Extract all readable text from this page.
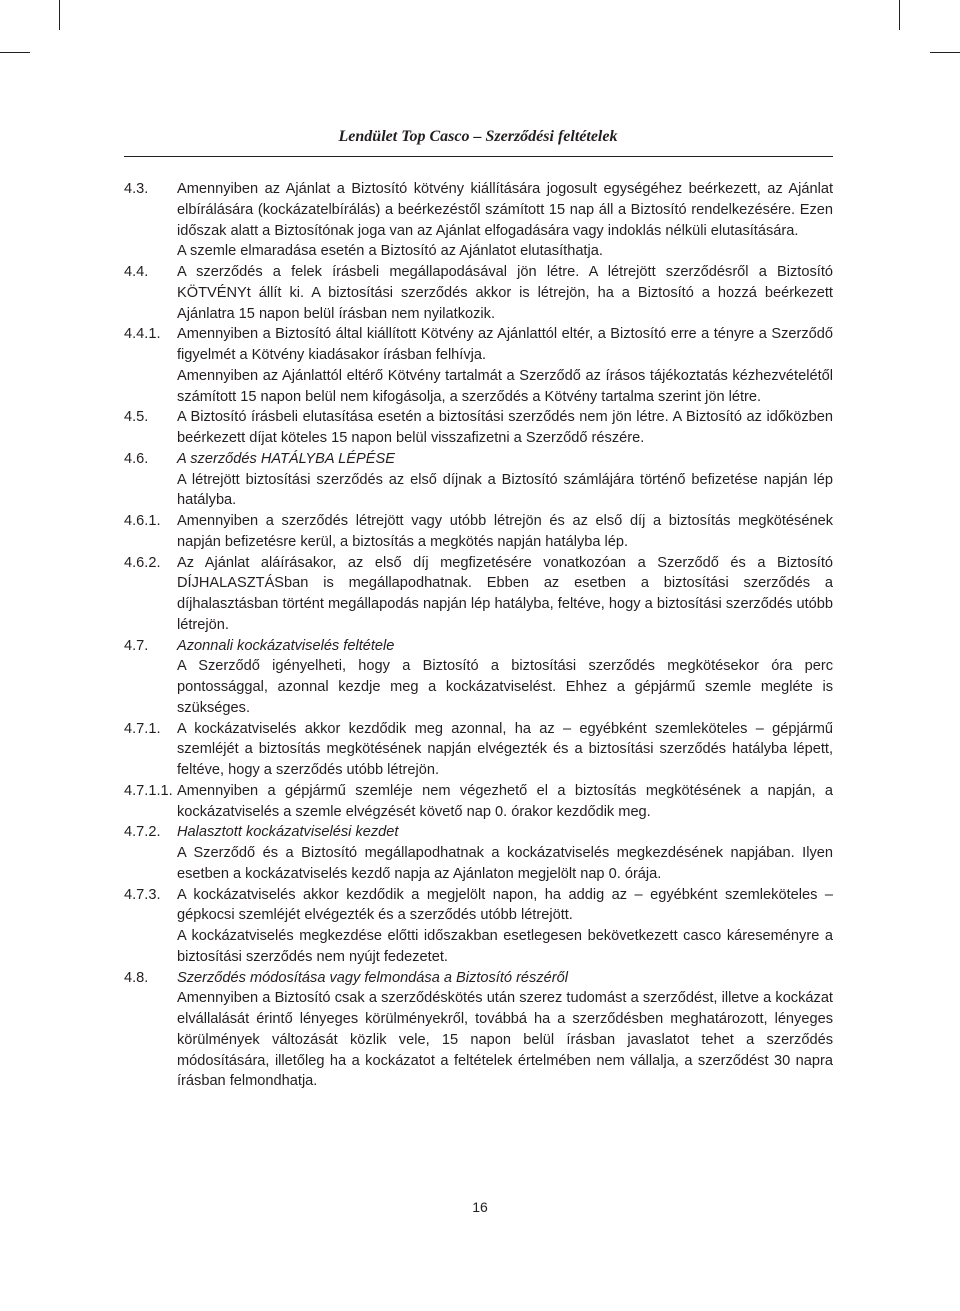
Lendület Top Casco – Szerződési feltételek
4.3. Amennyiben az Ajánlat a Biztosító kötvény kiállítására jogosult egységéhez beérkezett, az Ajánlat elbírálására (kockázatelbírálás) a beérkezéstől számított 15 nap áll a Biztosító rendelkezésére. Ezen időszak alatt a Biztosítónak joga van az Ajánlat elfogadására vagy indoklás nélküli elutasítására.
A szemle elmaradása esetén a Biztosító az Ajánlatot elutasíthatja.
4.4. A szerződés a felek írásbeli megállapodásával jön létre. A létrejött szerződésről a Biztosító KÖTVÉNYt állít ki. A biztosítási szerződés akkor is létrejön, ha a Biztosító a hozzá beérkezett Ajánlatra 15 napon belül írásban nem nyilatkozik.
4.4.1. Amennyiben a Biztosító által kiállított Kötvény az Ajánlattól eltér, a Biztosító erre a tényre a Szerződő figyelmét a Kötvény kiadásakor írásban felhívja.
Amennyiben az Ajánlattól eltérő Kötvény tartalmát a Szerződő az írásos tájékoztatás kézhezvételétől számított 15 napon belül nem kifogásolja, a szerződés a Kötvény tartalma szerint jön létre.
4.5. A Biztosító írásbeli elutasítása esetén a biztosítási szerződés nem jön létre. A Biztosító az időközben beérkezett díjat köteles 15 napon belül visszafizetni a Szerződő részére.
4.6. A szerződés HATÁLYBA LÉPÉSE
A létrejött biztosítási szerződés az első díjnak a Biztosító számlájára történő befizetése napján lép hatályba.
4.6.1. Amennyiben a szerződés létrejött vagy utóbb létrejön és az első díj a biztosítás megkötésének napján befizetésre kerül, a biztosítás a megkötés napján hatályba lép.
4.6.2. Az Ajánlat aláírásakor, az első díj megfizetésére vonatkozóan a Szerződő és a Biztosító DÍJHALASZTÁSban is megállapodhatnak. Ebben az esetben a biztosítási szerződés a díjhalasztásban történt megállapodás napján lép hatályba, feltéve, hogy a biztosítási szerződés utóbb létrejön.
4.7. Azonnali kockázatviselés feltétele
A Szerződő igényelheti, hogy a Biztosító a biztosítási szerződés megkötésekor óra perc pontossággal, azonnal kezdje meg a kockázatviselést. Ehhez a gépjármű szemle megléte is szükséges.
4.7.1. A kockázatviselés akkor kezdődik meg azonnal, ha az – egyébként szemleköteles – gépjármű szemléjét a biztosítás megkötésének napján elvégezték és a biztosítási szerződés hatályba lépett, feltéve, hogy a szerződés utóbb létrejön.
4.7.1.1. Amennyiben a gépjármű szemléje nem végezhető el a biztosítás megkötésének a napján, a kockázatviselés a szemle elvégzését követő nap 0. órakor kezdődik meg.
4.7.2. Halasztott kockázatviselési kezdet
A Szerződő és a Biztosító megállapodhatnak a kockázatviselés megkezdésének napjában. Ilyen esetben a kockázatviselés kezdő napja az Ajánlaton megjelölt nap 0. órája.
4.7.3. A kockázatviselés akkor kezdődik a megjelölt napon, ha addig az – egyébként szemleköteles – gépkocsi szemléjét elvégezték és a szerződés utóbb létrejött.
A kockázatviselés megkezdése előtti időszakban esetlegesen bekövetkezett casco káreseményre a biztosítási szerződés nem nyújt fedezetet.
4.8. Szerződés módosítása vagy felmondása a Biztosító részéről
Amennyiben a Biztosító csak a szerződéskötés után szerez tudomást a szerződést, illetve a kockázat elvállalását érintő lényeges körülményekről, továbbá ha a szerződésben meghatározott, lényeges körülmények változását közlik vele, 15 napon belül írásban javaslatot tehet a szerződés módosítására, illetőleg ha a kockázatot a feltételek értelmében nem vállalja, a szerződést 30 napra írásban felmondhatja.
16
